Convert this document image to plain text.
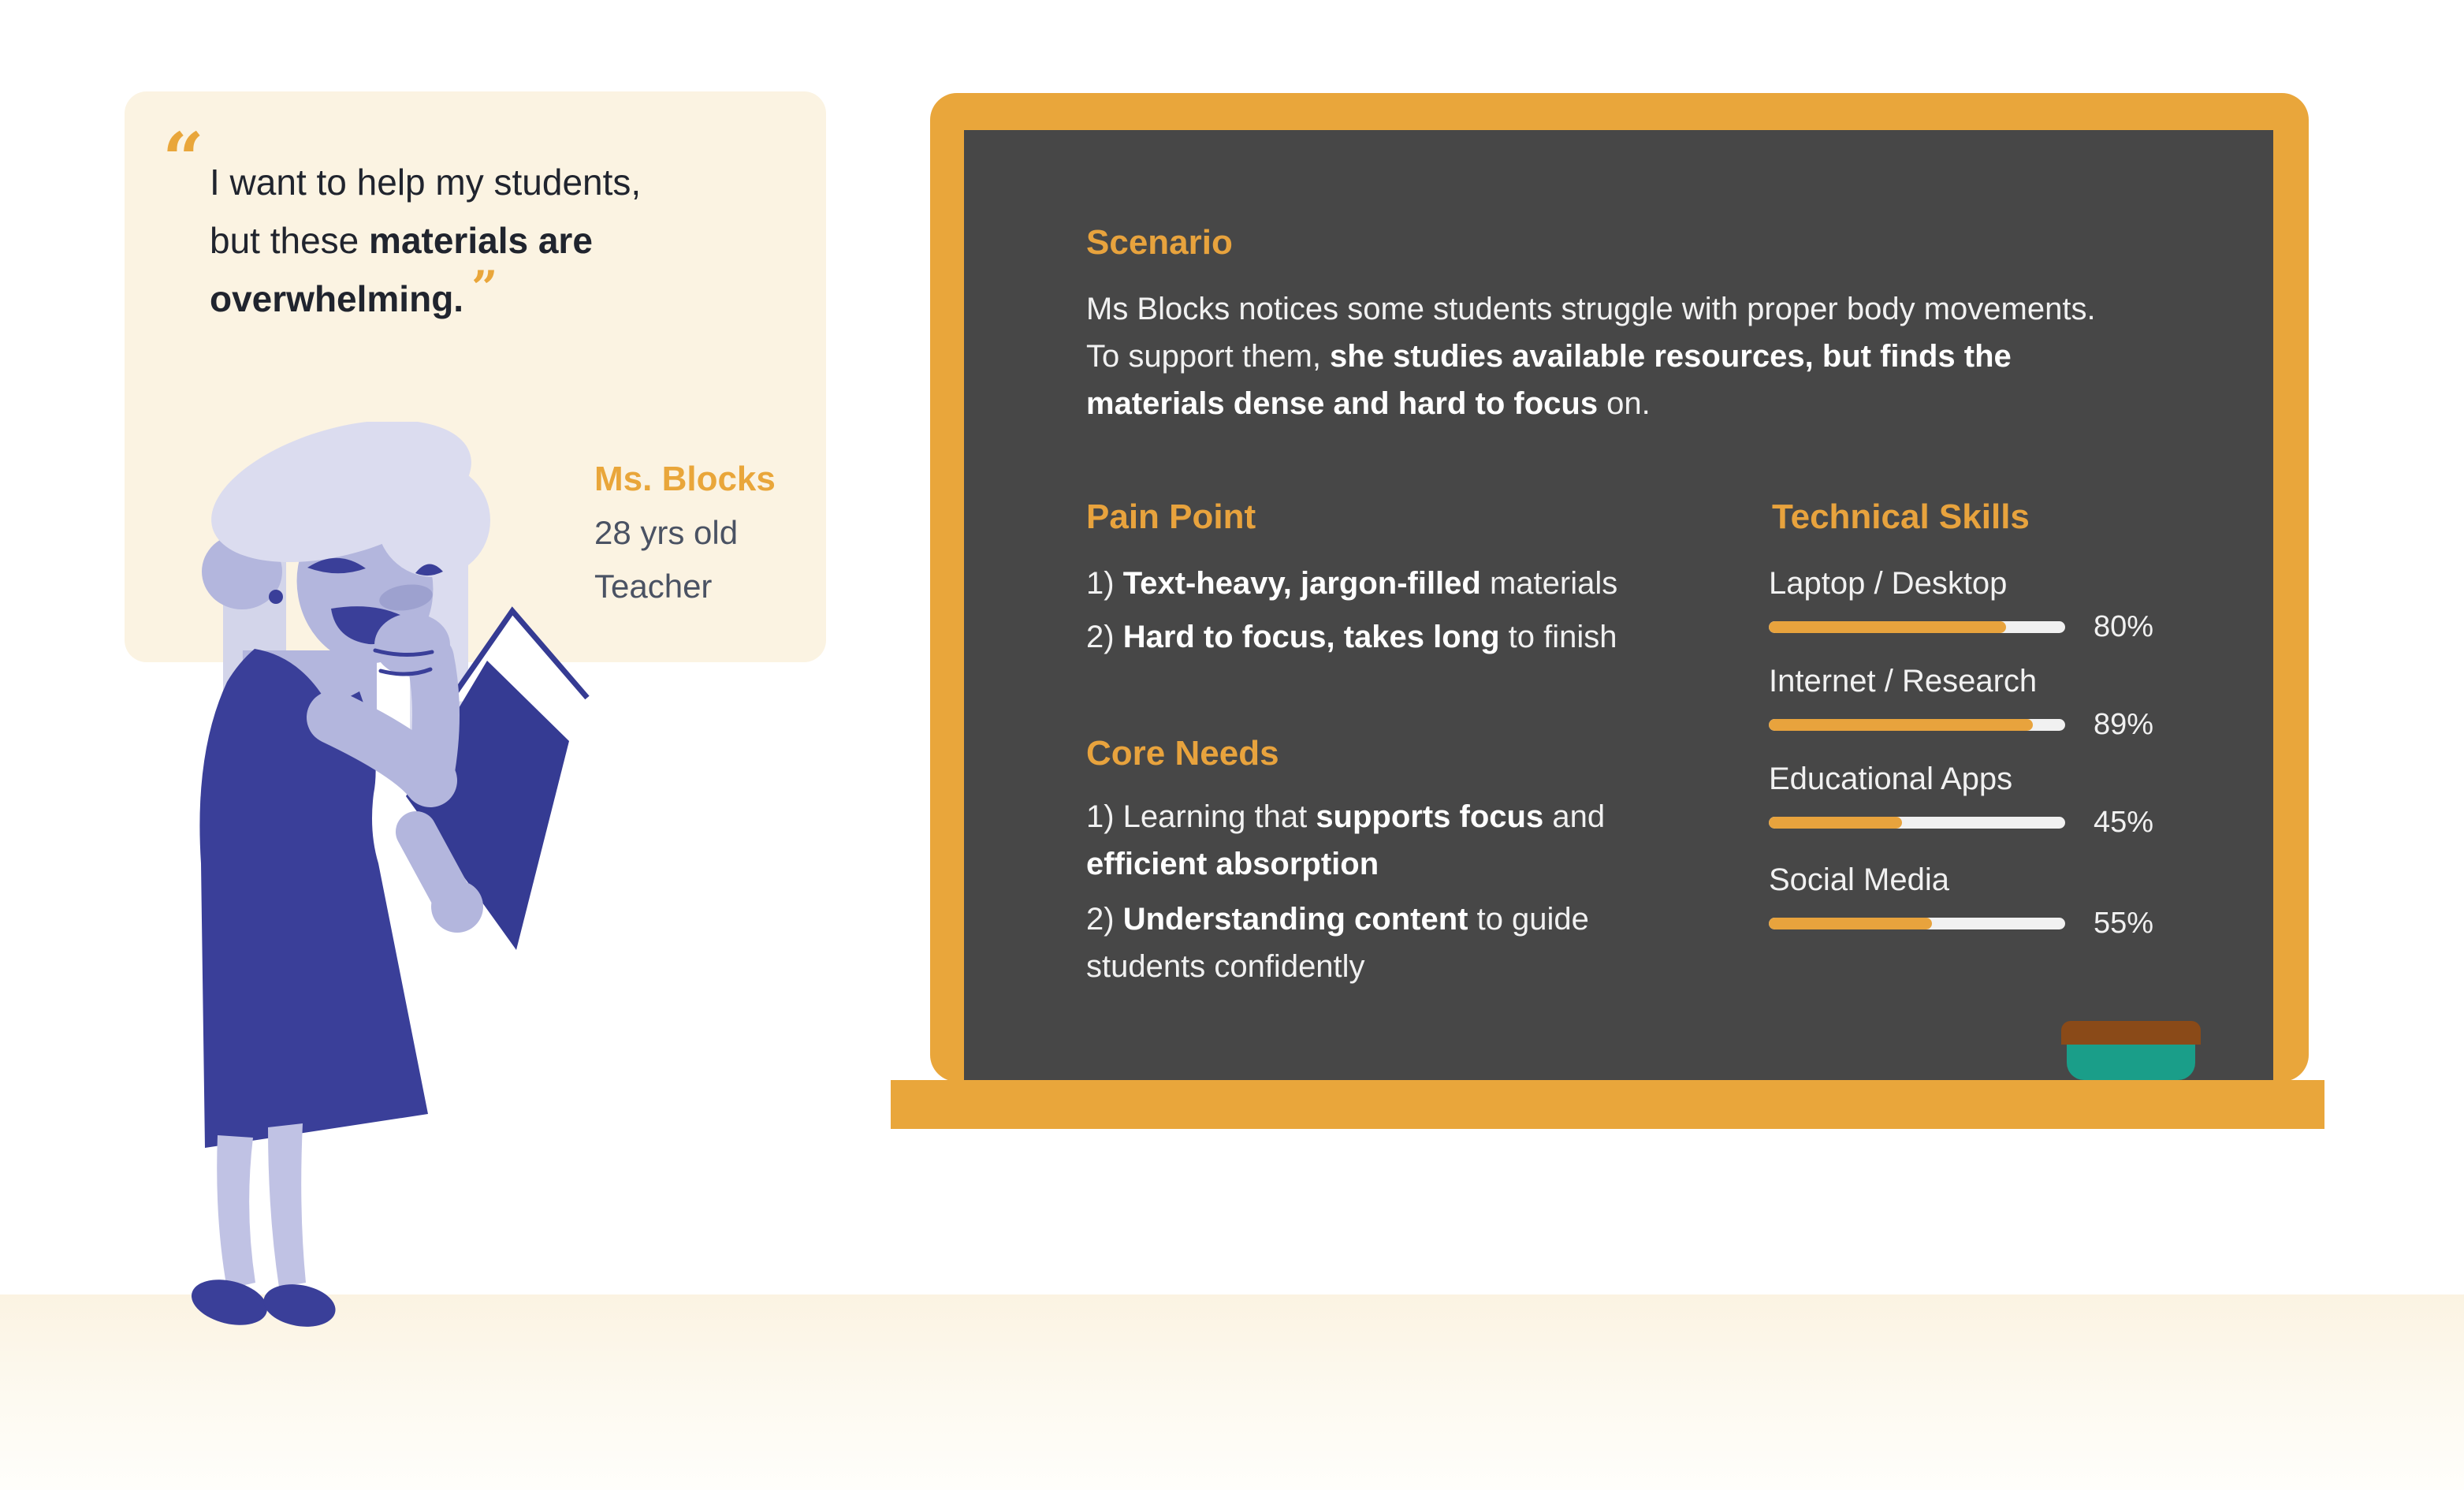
“ I want to help my students,
but these materials are
overwhelming. ”
Ms. Blocks
28 yrs old
Teacher
Scenario
Ms Blocks notices some students struggle with proper body movements.
To support them, she studies available resources, but finds the
materials dense and hard to focus on.
Pain Point
1) Text-heavy, jargon-filled materials
2) Hard to focus, takes long to finish
Core Needs
1) Learning that supports focus and
efficient absorption
2) Understanding content to guide
students confidently
Technical Skills
Laptop / Desktop
80%
Internet / Research
89%
Educational Apps
45%
Social Media
55%
